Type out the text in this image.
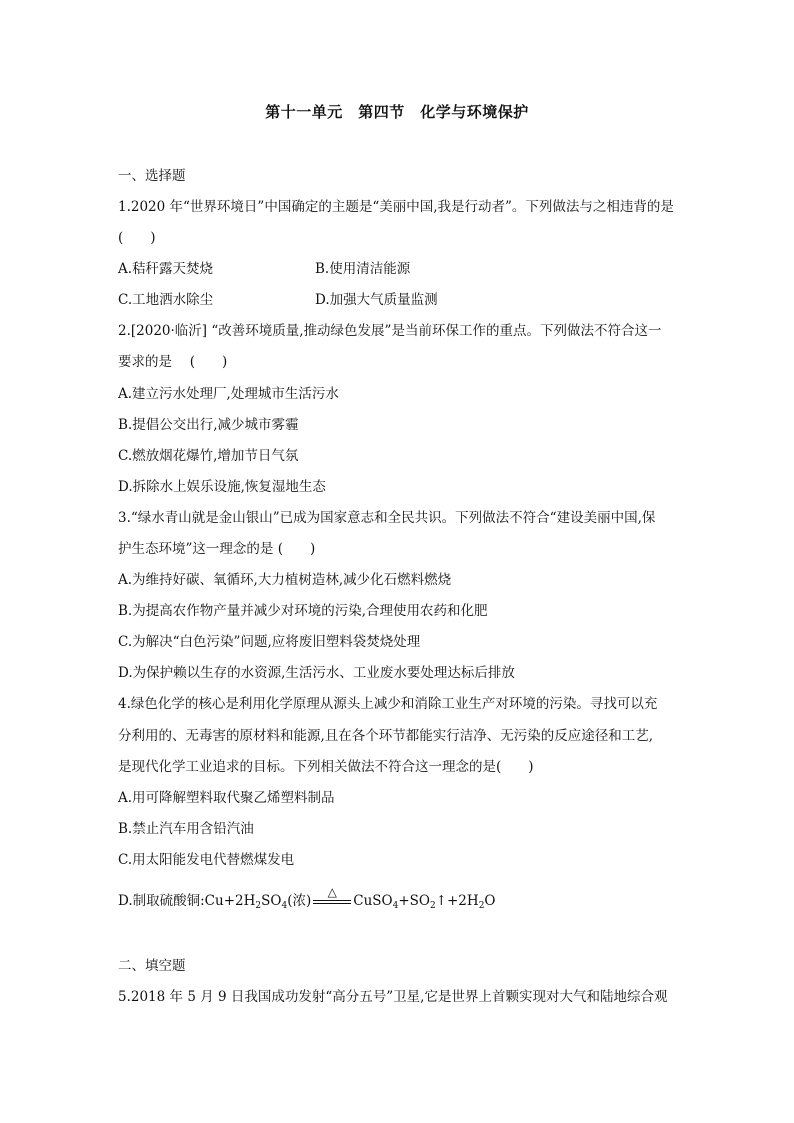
第十一单元　第四节　化学与环境保护
一、选择题
1.2020 年“世界环境日”中国确定的主题是“美丽中国,我是行动者”。下列做法与之相违背的是
(　　)
A.秸秆露天焚烧	B.使用清洁能源
C.工地洒水除尘	D.加强大气质量监测
2.[2020·临沂] “改善环境质量,推动绿色发展”是当前环保工作的重点。下列做法不符合这一
要求的是　 (　　)
A.建立污水处理厂,处理城市生活污水
B.提倡公交出行,减少城市雾霾
C.燃放烟花爆竹,增加节日气氛
D.拆除水上娱乐设施,恢复湿地生态
3.“绿水青山就是金山银山”已成为国家意志和全民共识。下列做法不符合“建设美丽中国,保
护生态环境”这一理念的是 (　　)
A.为维持好碳、氧循环,大力植树造林,减少化石燃料燃烧
B.为提高农作物产量并减少对环境的污染,合理使用农药和化肥
C.为解决“白色污染”问题,应将废旧塑料袋焚烧处理
D.为保护赖以生存的水资源,生活污水、工业废水要处理达标后排放
4.绿色化学的核心是利用化学原理从源头上减少和消除工业生产对环境的污染。寻找可以充
分利用的、无毒害的原材料和能源,且在各个环节都能实行洁净、无污染的反应途径和工艺,
是现代化学工业追求的目标。下列相关做法不符合这一理念的是(　　)
A.用可降解塑料取代聚乙烯塑料制品
B.禁止汽车用含铅汽油
C.用太阳能发电代替燃煤发电
D.制取硫酸铜$:Cu+2H_2SO_4$(浓)
△
$CuSO_4+SO_2↑+2H_2O$
二、填空题
5.2018 年 5 月 9 日我国成功发射“高分五号”卫星,它是世界上首颗实现对大气和陆地综合观
